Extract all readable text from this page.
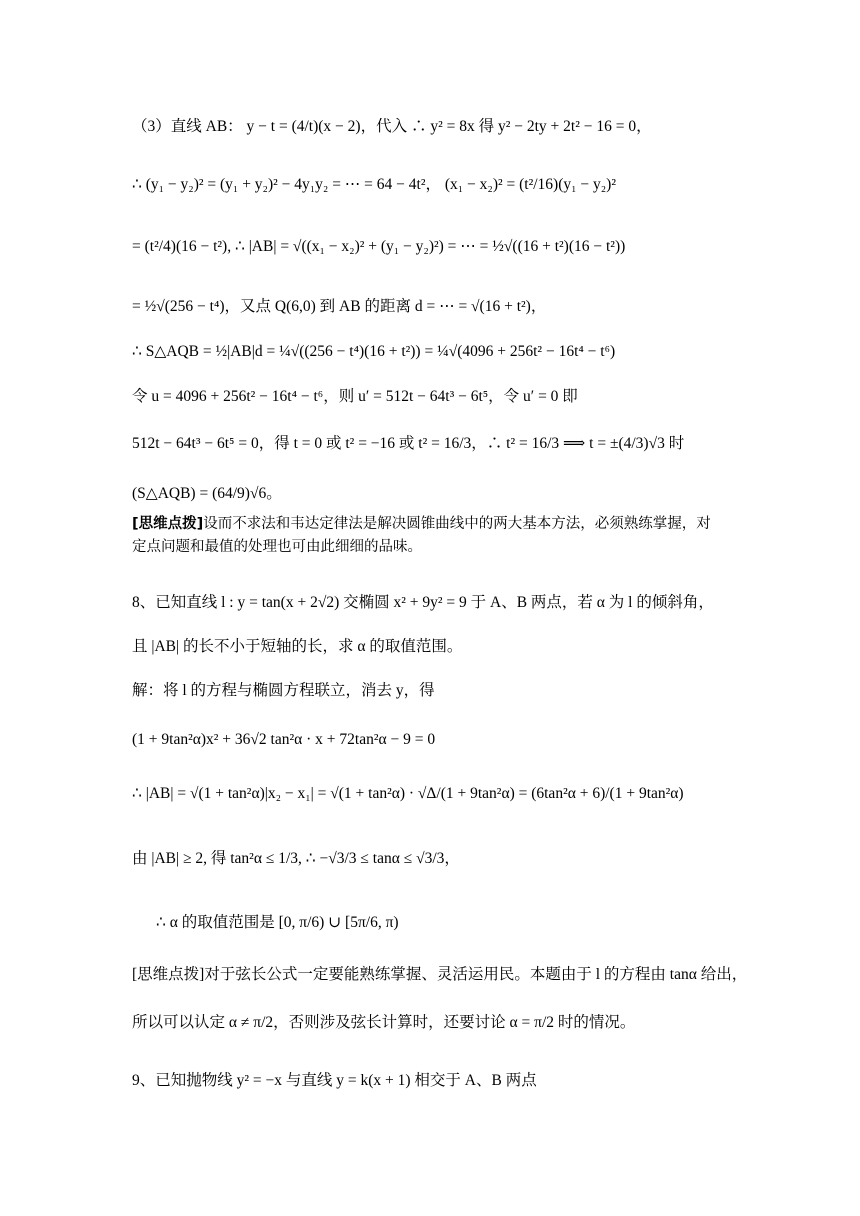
（3）直线 AB： y − t = (4/t)(x − 2)，代入 ∴ y² = 8x 得 y² − 2ty + 2t² − 16 = 0，
∴ (y₁ − y₂)² = (y₁ + y₂)² − 4y₁y₂ = ⋯ = 64 − 4t²， (x₁ − x₂)² = (t²/16)(y₁ − y₂)²
= (t²/4)(16 − t²), ∴ |AB| = √((x₁ − x₂)² + (y₁ − y₂)²) = ⋯ = ½√((16 + t²)(16 − t²))
= ½√(256 − t⁴)，又点 Q(6,0) 到 AB 的距离 d = ⋯ = √(16 + t²)，
∴ S△AQB = ½|AB|d = ¼√((256 − t⁴)(16 + t²)) = ¼√(4096 + 256t² − 16t⁴ − t⁶)
令 u = 4096 + 256t² − 16t⁴ − t⁶，则 u′ = 512t − 64t³ − 6t⁵，令 u′ = 0 即
512t − 64t³ − 6t⁵ = 0，得 t = 0 或 t² = −16 或 t² = 16/3，∴ t² = 16/3 ⟹ t = ±(4/3)√3 时
(S△AQB) = (64/9)√6。
[思维点拨]设而不求法和韦达定律法是解决圆锥曲线中的两大基本方法，必须熟练掌握，对
定点问题和最值的处理也可由此细细的品味。
8、已知直线 l : y = tan(x + 2√2) 交椭圆 x² + 9y² = 9 于 A、B 两点，若 α 为 l 的倾斜角，
且 |AB| 的长不小于短轴的长，求 α 的取值范围。
解：将 l 的方程与椭圆方程联立，消去 y，得
(1 + 9tan²α)x² + 36√2 tan²α · x + 72tan²α − 9 = 0
∴ |AB| = √(1 + tan²α)|x₂ − x₁| = √(1 + tan²α) · √Δ/(1 + 9tan²α) = (6tan²α + 6)/(1 + 9tan²α)
由 |AB| ≥ 2, 得 tan²α ≤ 1/3, ∴ −√3/3 ≤ tanα ≤ √3/3，
∴ α 的取值范围是 [0, π/6) ∪ [5π/6, π)
[思维点拨]对于弦长公式一定要能熟练掌握、灵活运用民。本题由于 l 的方程由 tanα 给出，
所以可以认定 α ≠ π/2，否则涉及弦长计算时，还要讨论 α = π/2 时的情况。
9、已知抛物线 y² = −x 与直线 y = k(x + 1) 相交于 A、B 两点
